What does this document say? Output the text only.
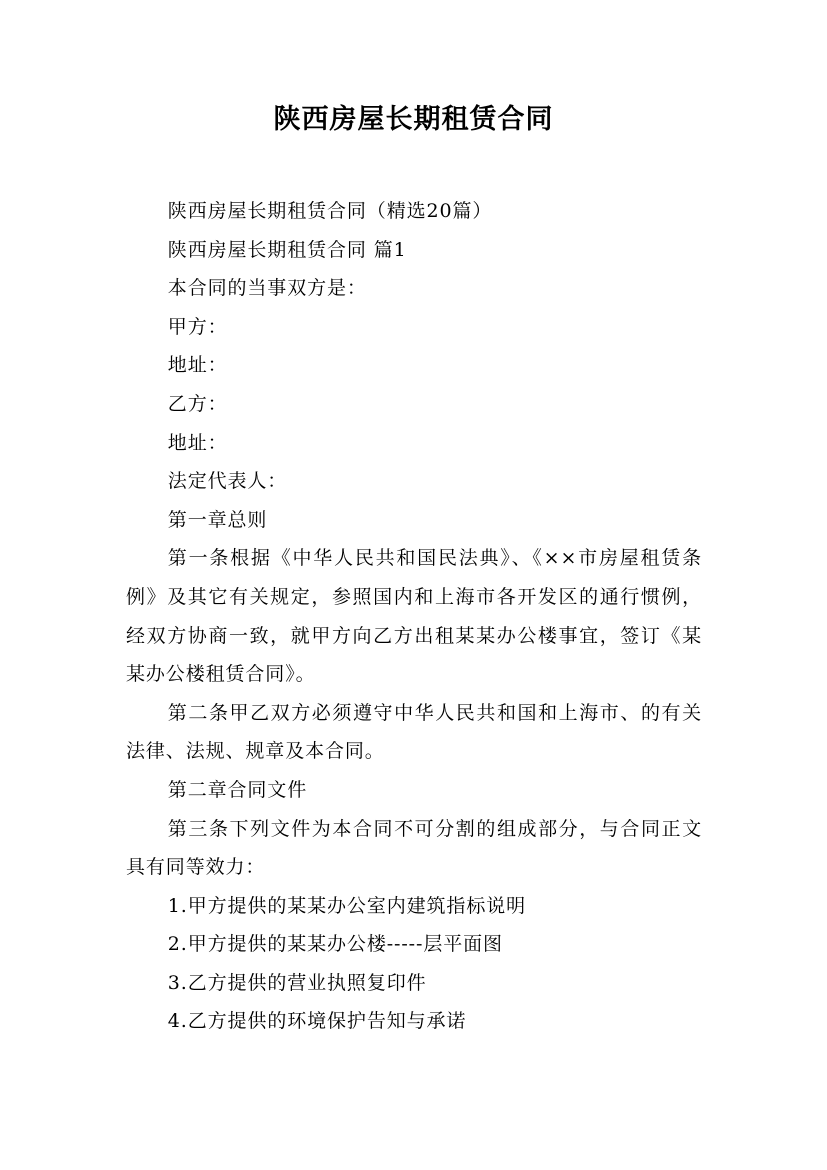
陕西房屋长期租赁合同

陕西房屋长期租赁合同（精选20篇）

陕西房屋长期租赁合同 篇1

本合同的当事双方是：

甲方：

地址：

乙方：

地址：

法定代表人：

第一章总则

第一条根据《中华人民共和国民法典》、《××市房屋租赁条例》及其它有关规定，参照国内和上海市各开发区的通行惯例，经双方协商一致，就甲方向乙方出租某某办公楼事宜，签订《某某办公楼租赁合同》。

第二条甲乙双方必须遵守中华人民共和国和上海市、的有关法律、法规、规章及本合同。

第二章合同文件

第三条下列文件为本合同不可分割的组成部分，与合同正文具有同等效力：

1.甲方提供的某某办公室内建筑指标说明

2.甲方提供的某某办公楼-----层平面图

3.乙方提供的营业执照复印件

4.乙方提供的环境保护告知与承诺
